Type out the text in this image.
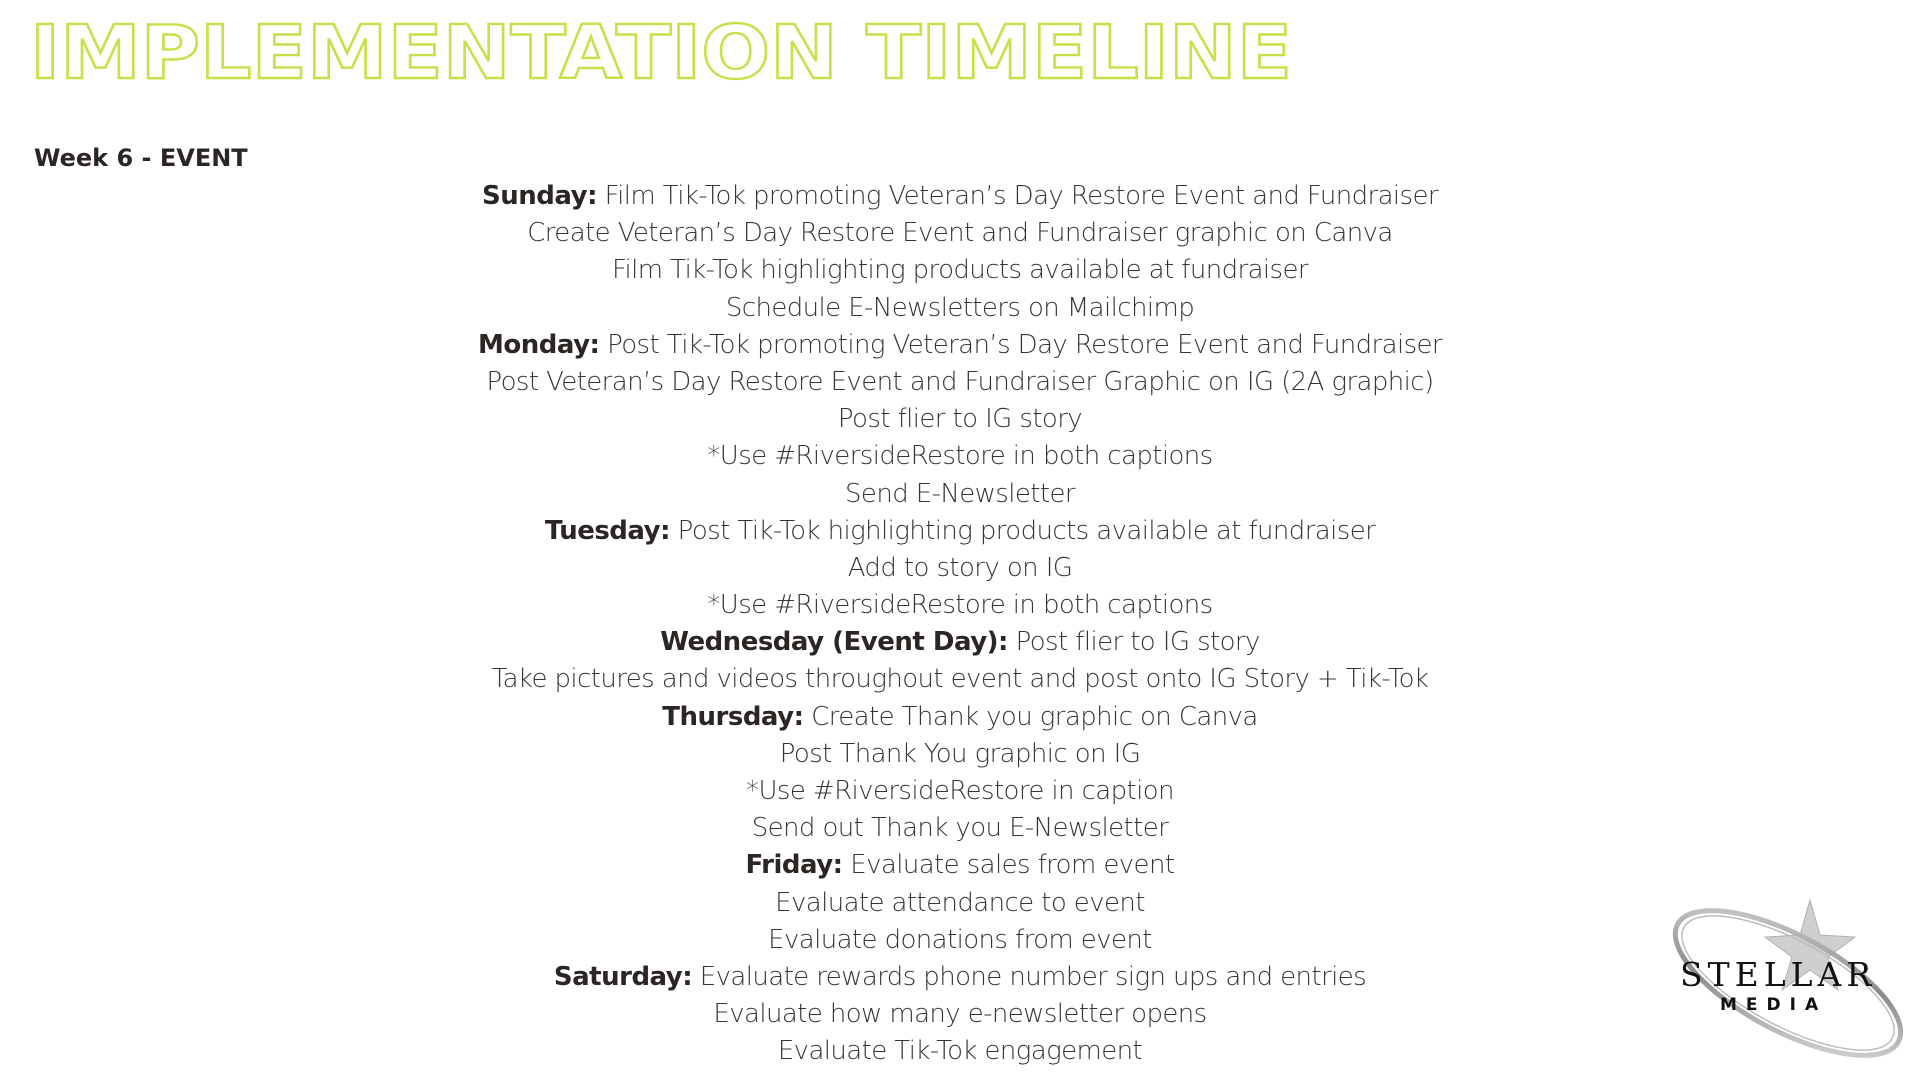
IMPLEMENTATION TIMELINE
Week 6 - EVENT
Sunday: Film Tik-Tok promoting Veteran’s Day Restore Event and Fundraiser
Create Veteran’s Day Restore Event and Fundraiser graphic on Canva
Film Tik-Tok highlighting products available at fundraiser
Schedule E-Newsletters on Mailchimp
Monday: Post Tik-Tok promoting Veteran’s Day Restore Event and Fundraiser
Post Veteran’s Day Restore Event and Fundraiser Graphic on IG (2A graphic)
Post flier to IG story
*Use #RiversideRestore in both captions
Send E-Newsletter
Tuesday: Post Tik-Tok highlighting products available at fundraiser
Add to story on IG
*Use #RiversideRestore in both captions
Wednesday (Event Day): Post flier to IG story
Take pictures and videos throughout event and post onto IG Story + Tik-Tok
Thursday: Create Thank you graphic on Canva
Post Thank You graphic on IG
*Use #RiversideRestore in caption
Send out Thank you E-Newsletter
Friday: Evaluate sales from event
Evaluate attendance to event
Evaluate donations from event
Saturday: Evaluate rewards phone number sign ups and entries
Evaluate how many e-newsletter opens
Evaluate Tik-Tok engagement
STELLAR
MEDIA
